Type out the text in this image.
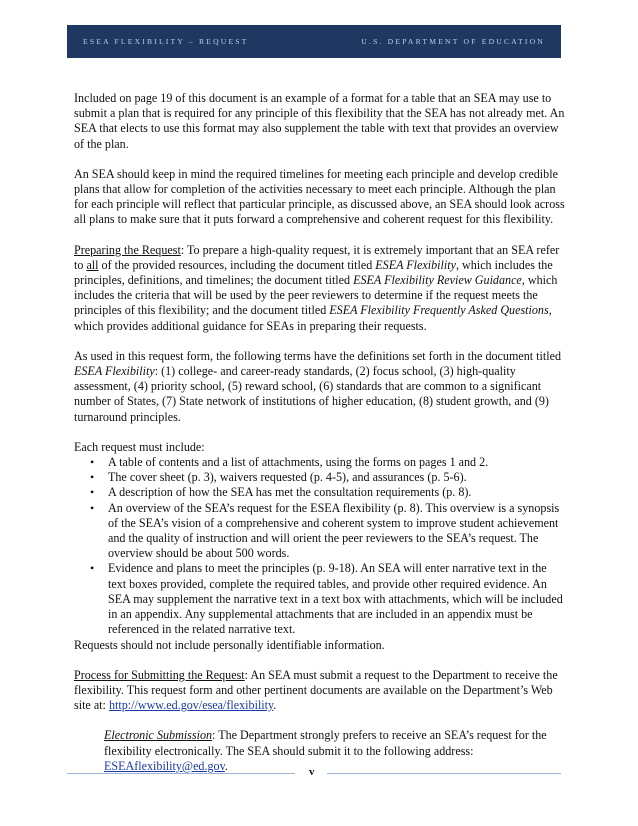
ESEA FLEXIBILITY – REQUEST	U.S. DEPARTMENT OF EDUCATION

Included on page 19 of this document is an example of a format for a table that an SEA may use to submit a plan that is required for any principle of this flexibility that the SEA has not already met. An SEA that elects to use this format may also supplement the table with text that provides an overview of the plan.

An SEA should keep in mind the required timelines for meeting each principle and develop credible plans that allow for completion of the activities necessary to meet each principle. Although the plan for each principle will reflect that particular principle, as discussed above, an SEA should look across all plans to make sure that it puts forward a comprehensive and coherent request for this flexibility.

Preparing the Request: To prepare a high-quality request, it is extremely important that an SEA refer to all of the provided resources, including the document titled ESEA Flexibility, which includes the principles, definitions, and timelines; the document titled ESEA Flexibility Review Guidance, which includes the criteria that will be used by the peer reviewers to determine if the request meets the principles of this flexibility; and the document titled ESEA Flexibility Frequently Asked Questions, which provides additional guidance for SEAs in preparing their requests.

As used in this request form, the following terms have the definitions set forth in the document titled ESEA Flexibility: (1) college- and career-ready standards, (2) focus school, (3) high-quality assessment, (4) priority school, (5) reward school, (6) standards that are common to a significant number of States, (7) State network of institutions of higher education, (8) student growth, and (9) turnaround principles.

Each request must include:
• A table of contents and a list of attachments, using the forms on pages 1 and 2.
• The cover sheet (p. 3), waivers requested (p. 4-5), and assurances (p. 5-6).
• A description of how the SEA has met the consultation requirements (p. 8).
• An overview of the SEA’s request for the ESEA flexibility (p. 8). This overview is a synopsis of the SEA’s vision of a comprehensive and coherent system to improve student achievement and the quality of instruction and will orient the peer reviewers to the SEA’s request. The overview should be about 500 words.
• Evidence and plans to meet the principles (p. 9-18). An SEA will enter narrative text in the text boxes provided, complete the required tables, and provide other required evidence. An SEA may supplement the narrative text in a text box with attachments, which will be included in an appendix. Any supplemental attachments that are included in an appendix must be referenced in the related narrative text.

Requests should not include personally identifiable information.

Process for Submitting the Request: An SEA must submit a request to the Department to receive the flexibility. This request form and other pertinent documents are available on the Department’s Web site at: http://www.ed.gov/esea/flexibility.

Electronic Submission: The Department strongly prefers to receive an SEA’s request for the flexibility electronically. The SEA should submit it to the following address: ESEAflexibility@ed.gov.	v
